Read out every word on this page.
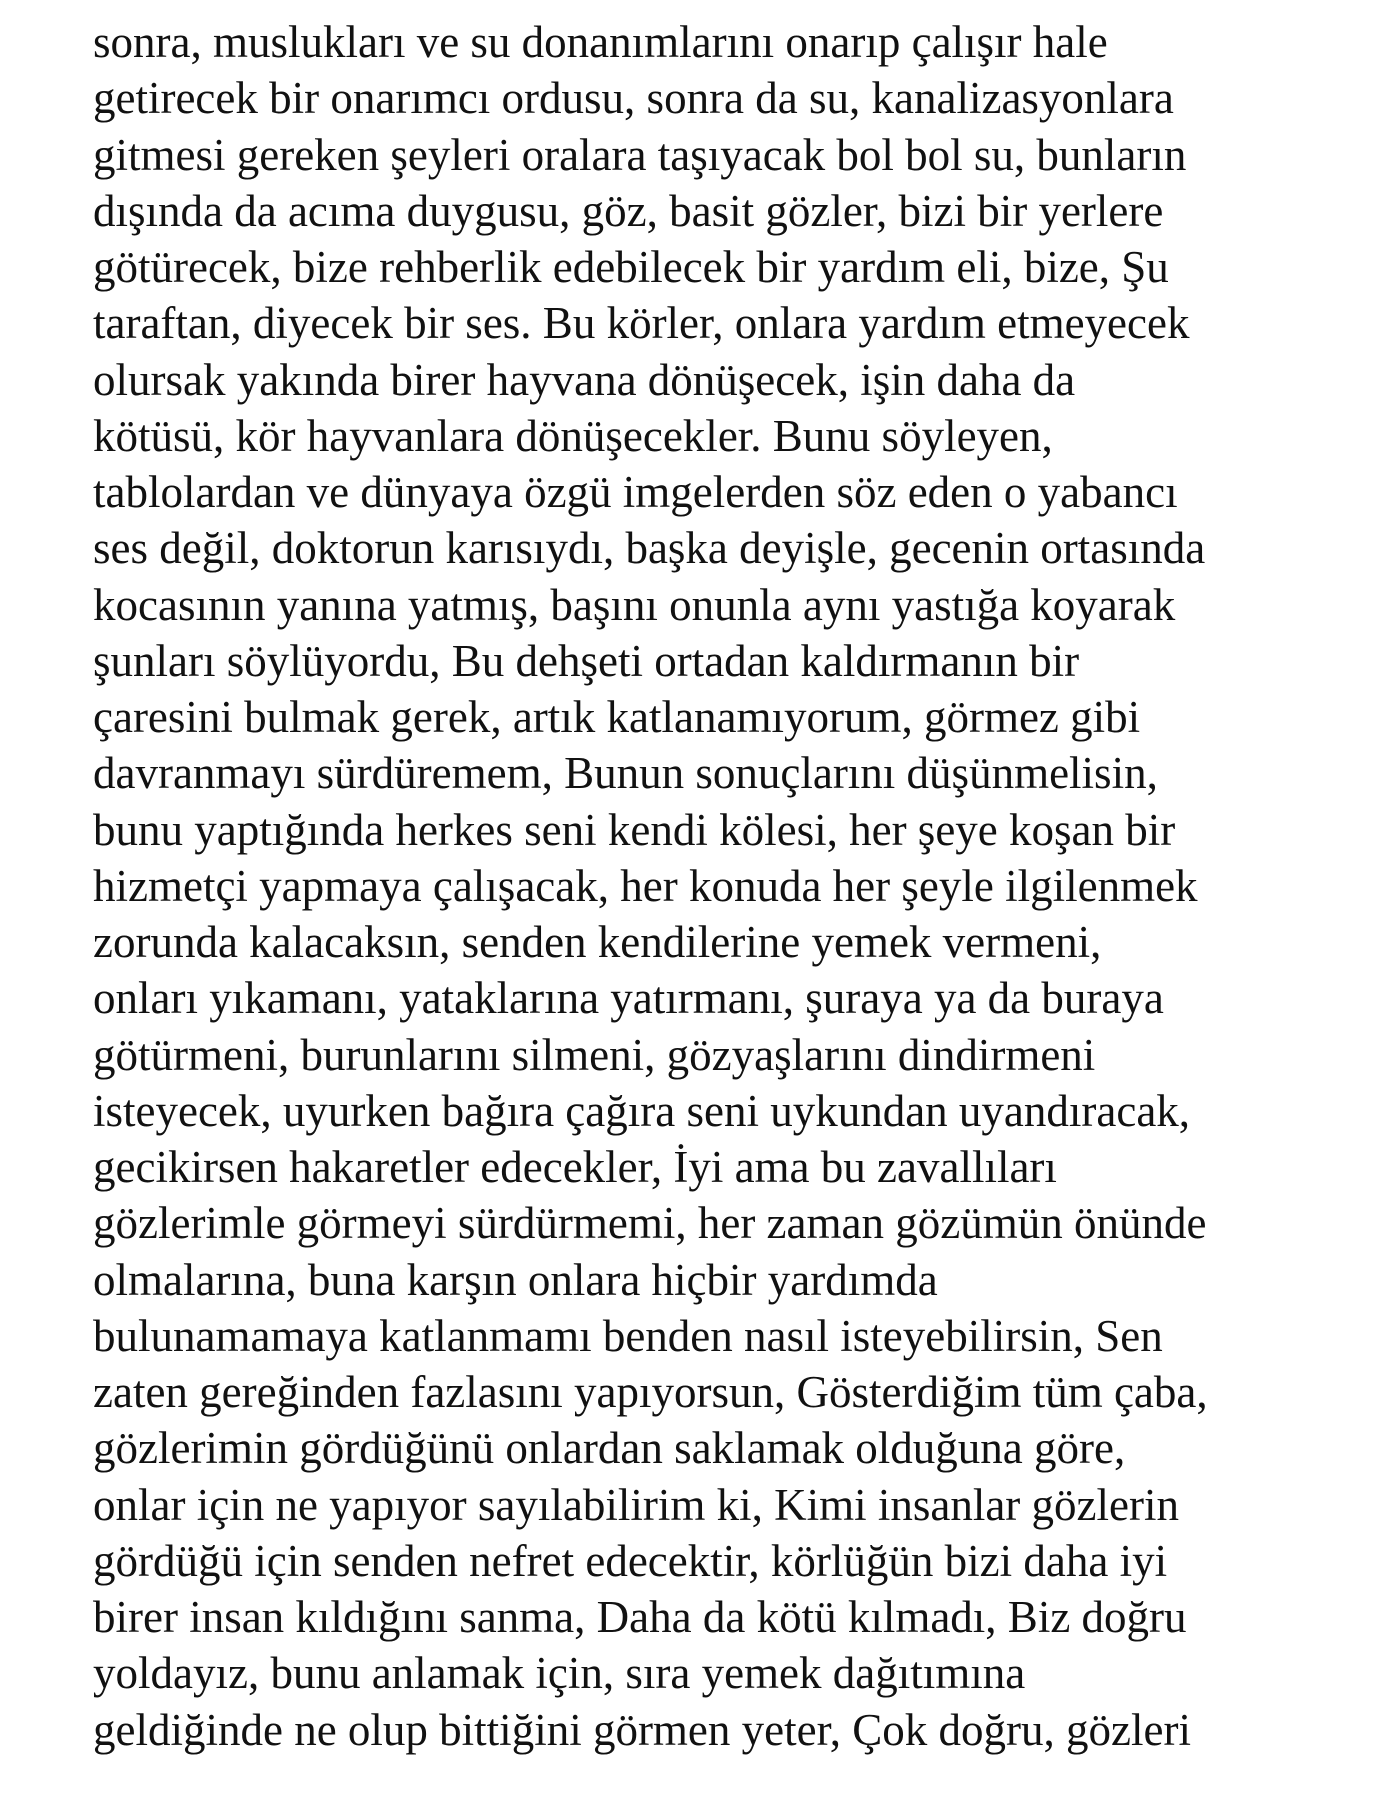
sonra, muslukları ve su donanımlarını onarıp çalışır hale
getirecek bir onarımcı ordusu, sonra da su, kanalizasyonlara
gitmesi gereken şeyleri oralara taşıyacak bol bol su, bunların
dışında da acıma duygusu, göz, basit gözler, bizi bir yerlere
götürecek, bize rehberlik edebilecek bir yardım eli, bize, Şu
taraftan, diyecek bir ses. Bu körler, onlara yardım etmeyecek
olursak yakında birer hayvana dönüşecek, işin daha da
kötüsü, kör hayvanlara dönüşecekler. Bunu söyleyen,
tablolardan ve dünyaya özgü imgelerden söz eden o yabancı
ses değil, doktorun karısıydı, başka deyişle, gecenin ortasında
kocasının yanına yatmış, başını onunla aynı yastığa koyarak
şunları söylüyordu, Bu dehşeti ortadan kaldırmanın bir
çaresini bulmak gerek, artık katlanamıyorum, görmez gibi
davranmayı sürdüremem, Bunun sonuçlarını düşünmelisin,
bunu yaptığında herkes seni kendi kölesi, her şeye koşan bir
hizmetçi yapmaya çalışacak, her konuda her şeyle ilgilenmek
zorunda kalacaksın, senden kendilerine yemek vermeni,
onları yıkamanı, yataklarına yatırmanı, şuraya ya da buraya
götürmeni, burunlarını silmeni, gözyaşlarını dindirmeni
isteyecek, uyurken bağıra çağıra seni uykundan uyandıracak,
gecikirsen hakaretler edecekler, İyi ama bu zavallıları
gözlerimle görmeyi sürdürmemi, her zaman gözümün önünde
olmalarına, buna karşın onlara hiçbir yardımda
bulunamamaya katlanmamı benden nasıl isteyebilirsin, Sen
zaten gereğinden fazlasını yapıyorsun, Gösterdiğim tüm çaba,
gözlerimin gördüğünü onlardan saklamak olduğuna göre,
onlar için ne yapıyor sayılabilirim ki, Kimi insanlar gözlerin
gördüğü için senden nefret edecektir, körlüğün bizi daha iyi
birer insan kıldığını sanma, Daha da kötü kılmadı, Biz doğru
yoldayız, bunu anlamak için, sıra yemek dağıtımına
geldiğinde ne olup bittiğini görmen yeter, Çok doğru, gözleri
